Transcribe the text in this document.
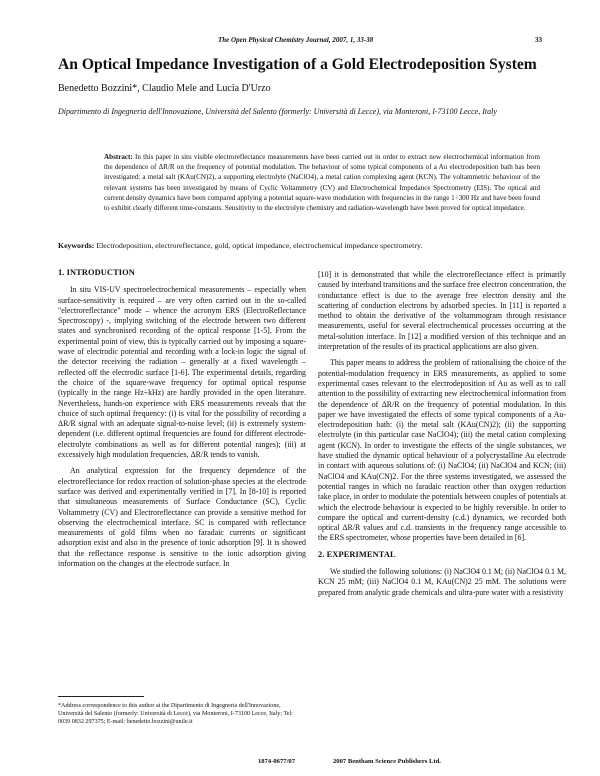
The Open Physical Chemistry Journal, 2007, 1, 33-38	33
An Optical Impedance Investigation of a Gold Electrodeposition System
Benedetto Bozzini*, Claudio Mele and Lucia D'Urzo
Dipartimento di Ingegneria dell'Innovazione, Università del Salento (formerly: Università di Lecce), via Monteroni, I-73100 Lecce, Italy
Abstract: In this paper in situ visible electroreflectance measurements have been carried out in order to extract new electrochemical information from the dependence of ΔR/R on the frequency of potential modulation. The behaviour of some typical components of a Au electrodeposition bath has been investigated: a metal salt (KAu(CN)2), a supporting electrolyte (NaClO4), a metal cation complexing agent (KCN). The voltammetric behaviour of the relevant systems has been investigated by means of Cyclic Voltammetry (CV) and Electrochemical Impedance Spectrometry (EIS). The optical and current density dynamics have been compared applying a potential square-wave modulation with frequencies in the range 1÷300 Hz and have been found to exhibit clearly different time-constants. Sensitivity to the electrolyte chemistry and radiation-wavelength have been proved for optical impedance.
Keywords: Electrodeposition, electroreflectance, gold, optical impedance, electrochemical impedance spectrometry.
1. INTRODUCTION

In situ VIS-UV spectroelectrochemical measurements – especially when surface-sensitivity is required – are very often carried out in the so-called "electroreflectance" mode – whence the acronym ERS (ElectroReflectance Spectroscopy) -, implying switching of the electrode between two different states and synchronised recording of the optical response [1-5]. From the experimental point of view, this is typically carried out by imposing a square-wave of electrodic potential and recording with a lock-in logic the signal of the detector receiving the radiation – generally at a fixed wavelength – reflected off the electrodic surface [1-6]. The experimental details, regarding the choice of the square-wave frequency for optimal optical response (typically in the range Hz÷kHz) are hardly provided in the open literature. Nevertheless, hands-on experience with ERS measurements reveals that the choice of such optimal frequency: (i) is vital for the possibility of recording a ΔR/R signal with an adequate signal-to-noise level; (ii) is extremely system-dependent (i.e. different optimal frequencies are found for different electrode-electrolyte combinations as well as for different potential ranges); (iii) at excessively high modulation frequencies, ΔR/R tends to vanish.

An analytical expression for the frequency dependence of the electroreflectance for redox reaction of solution-phase species at the electrode surface was derived and experimentally verified in [7]. In [8-10] is reported that simultaneous measurements of Surface Conductance (SC), Cyclic Voltammetry (CV) and Electroreflectance can provide a sensitive method for observing the electrochemical interface. SC is compared with reflectance measurements of gold films when no faradaic currents or significant adsorption exist and also in the presence of ionic adsorption [9]. It is showed that the reflectance response is sensitive to the ionic adsorption giving information on the changes at the electrode surface. In

[10] it is demonstrated that while the electroreflectance effect is primarily caused by interband transitions and the surface free electron concentration, the conductance effect is due to the average free electron density and the scattering of conduction electrons by adsorbed species. In [11] is reported a method to obtain the derivative of the voltammogram through resistance measurements, useful for several electrochemical processes occurring at the metal-solution interface. In [12] a modified version of this technique and an interpretation of the results of its practical applications are also given.

This paper means to address the problem of rationalising the choice of the potential-modulation frequency in ERS measurements, as applied to some experimental cases relevant to the electrodeposition of Au as well as to call attention to the possibility of extracting new electrochemical information from the dependence of ΔR/R on the frequency of potential modulation. In this paper we have investigated the effects of some typical components of a Au-electrodeposition bath: (i) the metal salt (KAu(CN)2); (ii) the supporting electrolyte (in this particular case NaClO4); (iii) the metal cation complexing agent (KCN). In order to investigate the effects of the single substances, we have studied the dynamic optical behaviour of a polycrystalline Au electrode in contact with aqueous solutions of: (i) NaClO4; (ii) NaClO4 and KCN; (iii) NaClO4 and KAu(CN)2. For the three systems investigated, we assessed the potential ranges in which no faradaic reaction other than oxygen reduction take place, in order to modulate the potentials between couples of potentials at which the electrode behaviour is expected to be highly reversible. In order to compare the optical and current-density (c.d.) dynamics, we recorded both optical ΔR/R values and c.d. transients in the frequency range accessible to the ERS spectrometer, whose properties have been detailed in [6].

2. EXPERIMENTAL

We studied the following solutions: (i) NaClO4 0.1 M; (ii) NaClO4 0.1 M, KCN 25 mM; (iii) NaClO4 0.1 M, KAu(CN)2 25 mM. The solutions were prepared from analytic grade chemicals and ultra-pure water with a resistivity

*Address correspondence to this author at the Dipartimento di Ingegneria dell'Innovazione, Università del Salento (formerly: Università di Lecce), via Monteroni, I-73100 Lecce, Italy; Tel: 0039 0832 297375; E-mail: benedetto.bozzini@unile.it
1874-0677/07	2007 Bentham Science Publishers Ltd.
